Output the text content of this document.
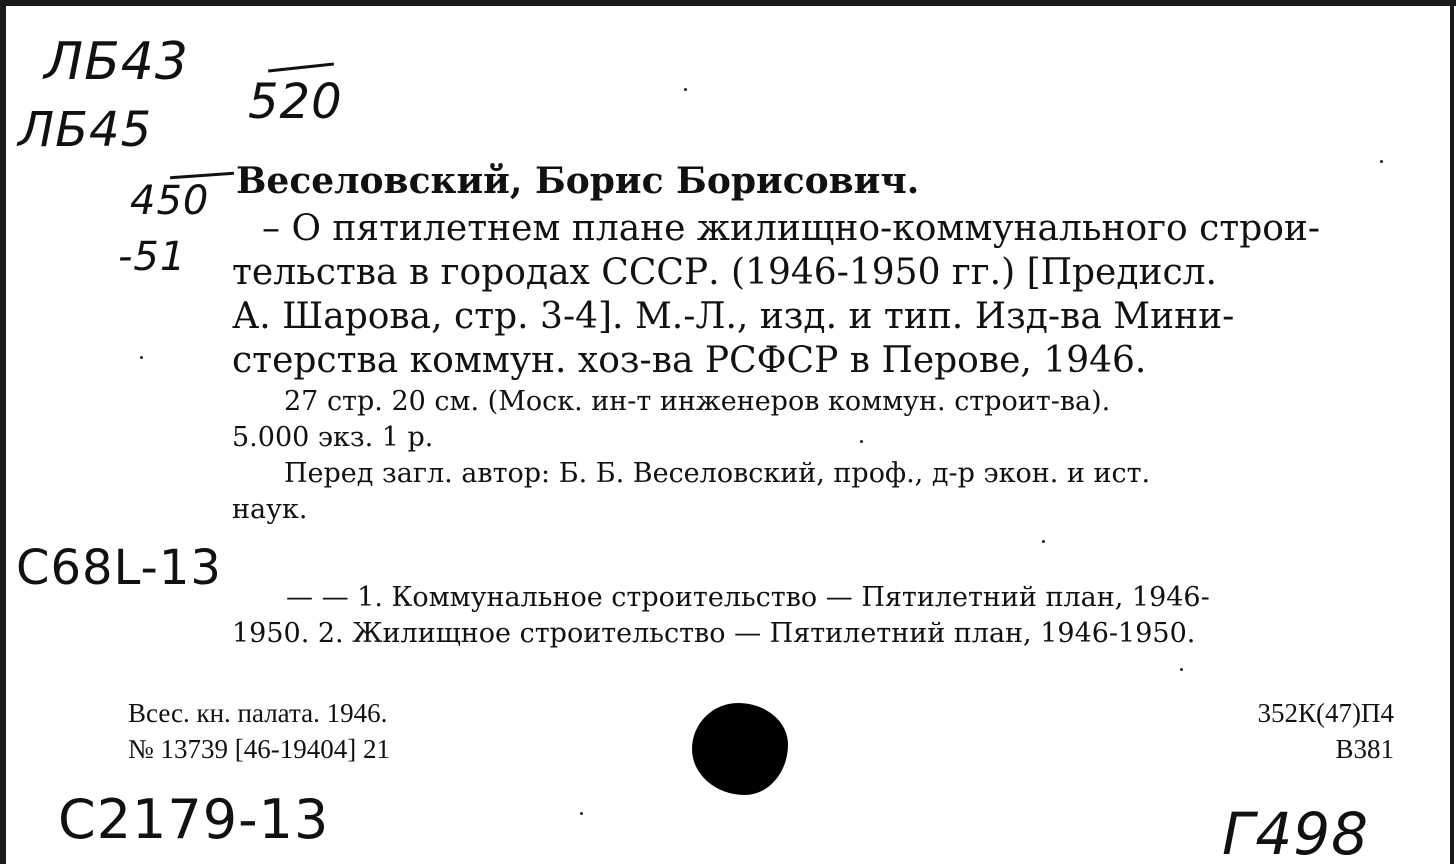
ЛБ43
520
ЛБ45
450
-51
Веселовский, Борис Борисович.
– О пятилетнем плане жилищно-коммунального строи-
тельства в городах СССР. (1946-1950 гг.) [Предисл.
А. Шарова, стр. 3-4]. М.-Л., изд. и тип. Изд-ва Мини-
стерства коммун. хоз-ва РСФСР в Перове, 1946.
27 стр. 20 см. (Моск. ин-т инженеров коммун. строит-ва).
5.000 экз. 1 р.
Перед загл. автор: Б. Б. Веселовский, проф., д-р экон. и ист.
наук.
С68L-13
— — 1. Коммунальное строительство — Пятилетний план, 1946-
1950. 2. Жилищное строительство — Пятилетний план, 1946-1950.
Всес. кн. палата. 1946.
№ 13739 [46-19404] 21
352К(47)П4
В381
С2179-13	Г498
